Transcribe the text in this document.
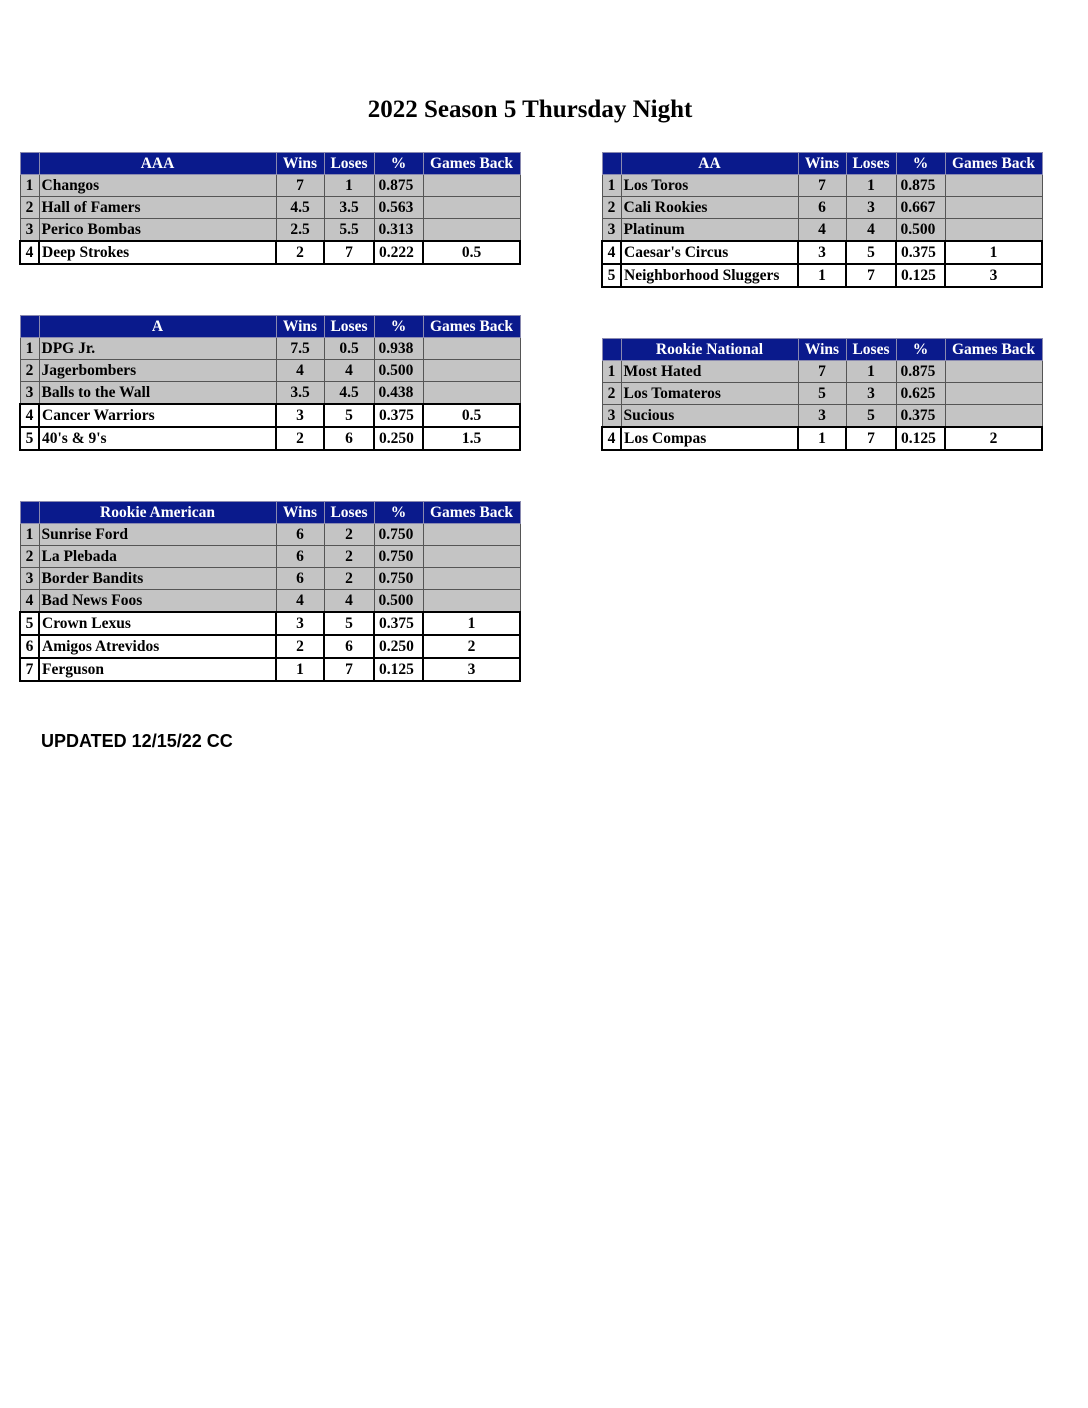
2022 Season 5 Thursday Night
	AAA	Wins	Loses	%	Games Back
1	Changos	7	1	0.875	
2	Hall of Famers	4.5	3.5	0.563	
3	Perico Bombas	2.5	5.5	0.313	
4	Deep Strokes	2	7	0.222	0.5
	AA	Wins	Loses	%	Games Back
1	Los Toros	7	1	0.875	
2	Cali Rookies	6	3	0.667	
3	Platinum	4	4	0.500	
4	Caesar's Circus	3	5	0.375	1
5	Neighborhood Sluggers	1	7	0.125	3
	A	Wins	Loses	%	Games Back
1	DPG Jr.	7.5	0.5	0.938	
2	Jagerbombers	4	4	0.500	
3	Balls to the Wall	3.5	4.5	0.438	
4	Cancer Warriors	3	5	0.375	0.5
5	40's & 9's	2	6	0.250	1.5
	Rookie National	Wins	Loses	%	Games Back
1	Most Hated	7	1	0.875	
2	Los Tomateros	5	3	0.625	
3	Sucious	3	5	0.375	
4	Los Compas	1	7	0.125	2
	Rookie American	Wins	Loses	%	Games Back
1	Sunrise Ford	6	2	0.750	
2	La Plebada	6	2	0.750	
3	Border Bandits	6	2	0.750	
4	Bad News Foos	4	4	0.500	
5	Crown Lexus	3	5	0.375	1
6	Amigos Atrevidos	2	6	0.250	2
7	Ferguson	1	7	0.125	3
UPDATED 12/15/22 CC
